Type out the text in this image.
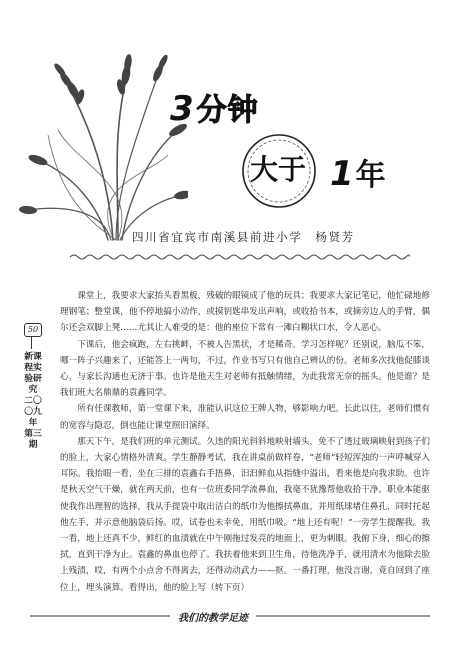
3分钟
大于 1年
四川省宜宾市南溪县前进小学　杨贤芳
50
新课程实验研究　二〇〇九年　第三期

课堂上，我要求大家抬头看黑板，残破的眼镜成了他的玩具；我要求大家记笔记，他忙碌地修理钢笔；整堂课，他不停地搞小动作，或摸钥匙串发出声响，或收拾书本，或摘旁边人的手臂，偶尔还会双脚上凳……尤其让人难受的是：他的座位下常有一滩白糊状口水，令人恶心。

下课后，他会疯跑，左右挑衅，不被人告黑状，才是稀奇。学习怎样呢？还别说，脑瓜不笨，哪一阵子兴趣来了，还能答上一两句，不过，作业书写只有他自己辨认的份。老师多次找他促膝谈心，与家长沟通也无济于事。也许是他天生对老师有抵触情绪，为此我常无奈的摇头。他是谁？是我们班大名鼎鼎的袁鑫同学。

所有任课教师，第一堂课下来，准能认识这位王牌人物，够影响力吧。长此以往，老师们惯有的宽容与隐忍，倒也能让课堂照旧演绎。

那天下午，是我们班的单元测试。久违的阳光斜斜地映射墙头，免不了透过玻璃映射到孩子们的脸上，大家心情格外清爽。学生静静考试，我在讲桌前做样卷，“老师”轻短浑浊的一声呼喊穿入耳际。我抬眼一看，坐在三排的袁鑫右手捂鼻，汩汩鲜血从指缝中溢出，看来他是向我求助。也许是秋天空气干燥，就在两天前，也有一位班委同学流鼻血，我毫不犹豫帮他收拾干净。职业本能驱使我作出理智的选择，我从手提袋中取出洁白的纸巾为他擦拭鼻血，并用纸球堵住鼻孔，同时托起他左手，并示意他脑袋后扬。哎，试卷也未幸免，用纸巾吸。“地上还有呢！”一旁学生提醒我。我一看，地上还真不少，鲜红的血渍就在中午刚拖过发亮的地面上，更为刺眼。我俯下身，细心的擦拭，直到干净为止。袁鑫的鼻血也停了。我扶着他来到卫生角，待他洗净手，就用清水为他除去脸上残渍，哎，有两个小点舍不得离去，还得动动武力——抠。一番打理，他没言谢，竟自回到了座位上，埋头演算。看得出，他的脸上写（转下页）

我们的教学足迹
